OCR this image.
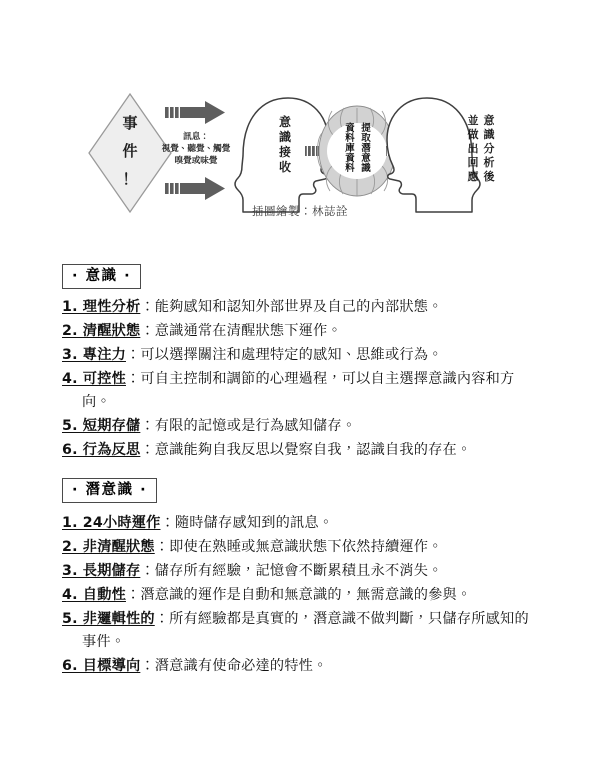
事
件
！
訊息：
視覺、聽覺、觸覺
嗅覺或味覺
意
識
接
收
提
取
潛
意
識
資
料
庫
資
料
意
識
分
析
後
並
做
出
回
應
插圖繪製：林誌詮
· 意識 ·

1. 理性分析：能夠感知和認知外部世界及自己的內部狀態。

2. 清醒狀態：意識通常在清醒狀態下運作。

3. 專注力：可以選擇關注和處理特定的感知、思維或行為。

4. 可控性：可自主控制和調節的心理過程，可以自主選擇意識內容和方向。

5. 短期存儲：有限的記憶或是行為感知儲存。

6. 行為反思：意識能夠自我反思以覺察自我，認識自我的存在。

· 潛意識 ·

1. 24小時運作：隨時儲存感知到的訊息。

2. 非清醒狀態：即使在熟睡或無意識狀態下依然持續運作。

3. 長期儲存：儲存所有經驗，記憶會不斷累積且永不消失。

4. 自動性：潛意識的運作是自動和無意識的，無需意識的參與。

5. 非邏輯性的：所有經驗都是真實的，潛意識不做判斷，只儲存所感知的事件。

6. 目標導向：潛意識有使命必達的特性。
